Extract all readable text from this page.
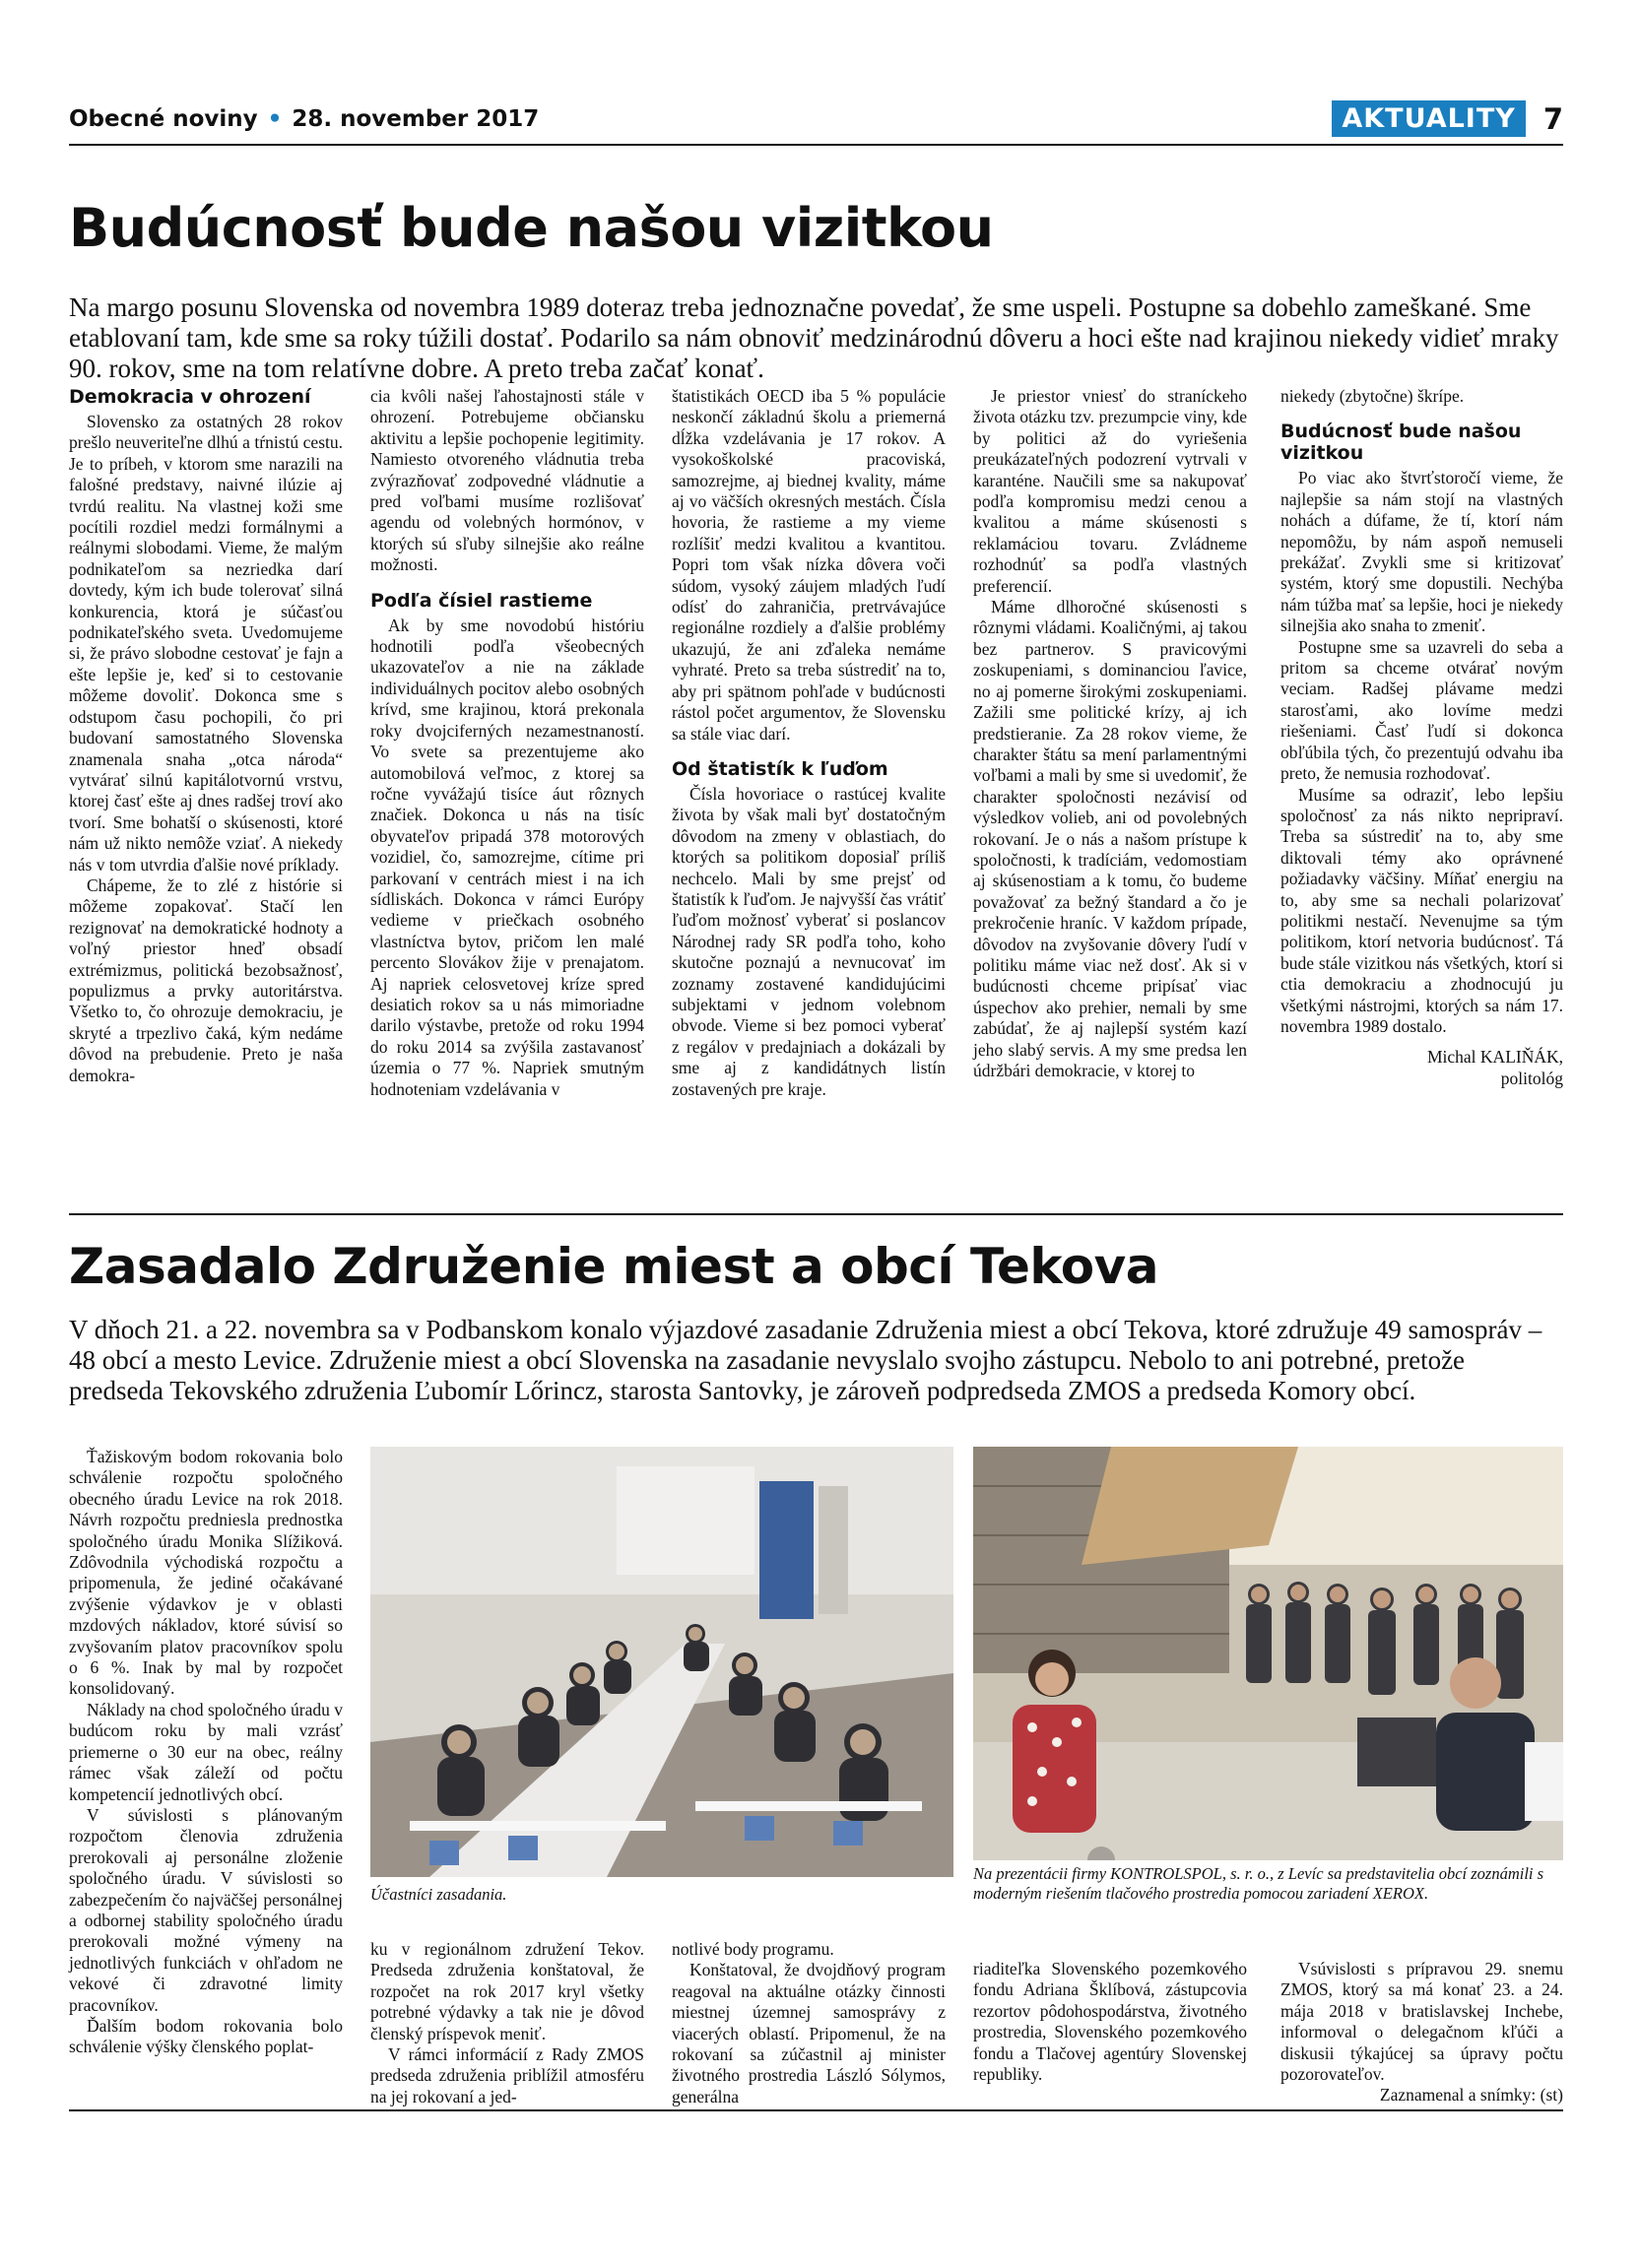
Obecné noviny • 28. november 2017	AKTUALITY 7
Budúcnosť bude našou vizitkou

Na margo posunu Slovenska od novembra 1989 doteraz treba jednoznačne povedať, že sme uspeli. Postupne sa dobehlo zameškané. Sme etablovaní tam, kde sme sa roky túžili dostať. Podarilo sa nám obnoviť medzinárodnú dôveru a hoci ešte nad krajinou niekedy vidieť mraky 90. rokov, sme na tom relatívne dobre. A preto treba začať konať.

Demokracia v ohrození

Slovensko za ostatných 28 rokov prešlo neuveriteľne dlhú a tŕnistú cestu. Je to príbeh, v ktorom sme narazili na falošné predstavy, naivné ilúzie aj tvrdú realitu. Na vlastnej koži sme pocítili rozdiel medzi formálnymi a reálnymi slobodami. Vieme, že malým podnikateľom sa nezriedka darí dovtedy, kým ich bude tolerovať silná konkurencia, ktorá je súčasťou podnikateľského sveta. Uvedomujeme si, že právo slobodne cestovať je fajn a ešte lepšie je, keď si to cestovanie môžeme dovoliť. Dokonca sme s odstupom času pochopili, čo pri budovaní samostatného Slovenska znamenala snaha „otca národa“ vytvárať silnú kapitálotvornú vrstvu, ktorej časť ešte aj dnes radšej troví ako tvorí. Sme bohatší o skúsenosti, ktoré nám už nikto nemôže vziať. A niekedy nás v tom utvrdia ďalšie nové príklady.

Chápeme, že to zlé z histórie si môžeme zopakovať. Stačí len rezignovať na demokratické hodnoty a voľný priestor hneď obsadí extrémizmus, politická bezobsažnosť, populizmus a prvky autoritárstva. Všetko to, čo ohrozuje demokraciu, je skryté a trpezlivo čaká, kým nedáme dôvod na prebudenie. Preto je naša demokra-

cia kvôli našej ľahostajnosti stále v ohrození. Potrebujeme občiansku aktivitu a lepšie pochopenie legitimity. Namiesto otvoreného vládnutia treba zvýrazňovať zodpovedné vládnutie a pred voľbami musíme rozlišovať agendu od volebných hormónov, v ktorých sú sľuby silnejšie ako reálne možnosti.

Podľa čísiel rastieme

Ak by sme novodobú históriu hodnotili podľa všeobecných ukazovateľov a nie na základe individuálnych pocitov alebo osobných krívd, sme krajinou, ktorá prekonala roky dvojciferných nezamestnaností. Vo svete sa prezentujeme ako automobilová veľmoc, z ktorej sa ročne vyvážajú tisíce áut rôznych značiek. Dokonca u nás na tisíc obyvateľov pripadá 378 motorových vozidiel, čo, samozrejme, cítime pri parkovaní v centrách miest i na ich sídliskách. Dokonca v rámci Európy vedieme v priečkach osobného vlastníctva bytov, pričom len malé percento Slovákov žije v prenajatom. Aj napriek celosvetovej kríze spred desiatich rokov sa u nás mimoriadne darilo výstavbe, pretože od roku 1994 do roku 2014 sa zvýšila zastavanosť územia o 77 %. Napriek smutným hodnoteniam vzdelávania v

štatistikách OECD iba 5 % populácie neskončí základnú školu a priemerná dĺžka vzdelávania je 17 rokov. A vysokoškolské pracoviská, samozrejme, aj biednej kvality, máme aj vo väčších okresných mestách. Čísla hovoria, že rastieme a my vieme rozlíšiť medzi kvalitou a kvantitou. Popri tom však nízka dôvera voči súdom, vysoký záujem mladých ľudí odísť do zahraničia, pretrvávajúce regionálne rozdiely a ďalšie problémy ukazujú, že ani zďaleka nemáme vyhraté. Preto sa treba sústrediť na to, aby pri spätnom pohľade v budúcnosti rástol počet argumentov, že Slovensku sa stále viac darí.

Od štatistík k ľuďom

Čísla hovoriace o rastúcej kvalite života by však mali byť dostatočným dôvodom na zmeny v oblastiach, do ktorých sa politikom doposiaľ príliš nechcelo. Mali by sme prejsť od štatistík k ľuďom. Je najvyšší čas vrátiť ľuďom možnosť vyberať si poslancov Národnej rady SR podľa toho, koho skutočne poznajú a nevnucovať im zoznamy zostavené kandidujúcimi subjektami v jednom volebnom obvode. Vieme si bez pomoci vyberať z regálov v predajniach a dokázali by sme aj z kandidátnych listín zostavených pre kraje.

Je priestor vniesť do straníckeho života otázku tzv. prezumpcie viny, kde by politici až do vyriešenia preukázateľných podozrení vytrvali v karanténe. Naučili sme sa nakupovať podľa kompromisu medzi cenou a kvalitou a máme skúsenosti s reklamáciou tovaru. Zvládneme rozhodnúť sa podľa vlastných preferencií.

Máme dlhoročné skúsenosti s rôznymi vládami. Koaličnými, aj takou bez partnerov. S pravicovými zoskupeniami, s dominanciou ľavice, no aj pomerne širokými zoskupeniami. Zažili sme politické krízy, aj ich predstieranie. Za 28 rokov vieme, že charakter štátu sa mení parlamentnými voľbami a mali by sme si uvedomiť, že charakter spoločnosti nezávisí od výsledkov volieb, ani od povolebných rokovaní. Je o nás a našom prístupe k spoločnosti, k tradíciám, vedomostiam aj skúsenostiam a k tomu, čo budeme považovať za bežný štandard a čo je prekročenie hraníc. V každom prípade, dôvodov na zvyšovanie dôvery ľudí v politiku máme viac než dosť. Ak si v budúcnosti chceme pripísať viac úspechov ako prehier, nemali by sme zabúdať, že aj najlepší systém kazí jeho slabý servis. A my sme predsa len údržbári demokracie, v ktorej to

niekedy (zbytočne) škrípe.

Budúcnosť bude našou vizitkou

Po viac ako štvrťstoročí vieme, že najlepšie sa nám stojí na vlastných nohách a dúfame, že tí, ktorí nám nepomôžu, by nám aspoň nemuseli prekážať. Zvykli sme si kritizovať systém, ktorý sme dopustili. Nechýba nám túžba mať sa lepšie, hoci je niekedy silnejšia ako snaha to zmeniť.

Postupne sme sa uzavreli do seba a pritom sa chceme otvárať novým veciam. Radšej plávame medzi starosťami, ako lovíme medzi riešeniami. Časť ľudí si dokonca obľúbila tých, čo prezentujú odvahu iba preto, že nemusia rozhodovať.

Musíme sa odraziť, lebo lepšiu spoločnosť za nás nikto nepripraví. Treba sa sústrediť na to, aby sme diktovali témy ako oprávnené požiadavky väčšiny. Míňať energiu na to, aby sme sa nechali polarizovať politikmi nestačí. Nevenujme sa tým politikom, ktorí netvoria budúcnosť. Tá bude stále vizitkou nás všetkých, ktorí si ctia demokraciu a zhodnocujú ju všetkými nástrojmi, ktorých sa nám 17. novembra 1989 dostalo.

Michal KALIŇÁK,

politológ

Zasadalo Združenie miest a obcí Tekova

V dňoch 21. a 22. novembra sa v Podbanskom konalo výjazdové zasadanie Združenia miest a obcí Tekova, ktoré združuje 49 samospráv – 48 obcí a mesto Levice. Združenie miest a obcí Slovenska na zasadanie nevyslalo svojho zástupcu. Nebolo to ani potrebné, pretože predseda Tekovského združenia Ľubomír Lőrincz, starosta Santovky, je zároveň podpredseda ZMOS a predseda Komory obcí.

Ťažiskovým bodom rokovania bolo schválenie rozpočtu spoločného obecného úradu Levice na rok 2018. Návrh rozpočtu predniesla prednostka spoločného úradu Monika Slížiková. Zdôvodnila východiská rozpočtu a pripomenula, že jediné očakávané zvýšenie výdavkov je v oblasti mzdových nákladov, ktoré súvisí so zvyšovaním platov pracovníkov spolu o 6 %. Inak by mal by rozpočet konsolidovaný.

Náklady na chod spoločného úradu v budúcom roku by mali vzrásť priemerne o 30 eur na obec, reálny rámec však záleží od počtu kompetencií jednotlivých obcí.

V súvislosti s plánovaným rozpočtom členovia združenia prerokovali aj personálne zloženie spoločného úradu. V súvislosti so zabezpečením čo najväčšej personálnej a odbornej stability spoločného úradu prerokovali možné výmeny na jednotlivých funkciách v ohľadom ne vekové či zdravotné limity pracovníkov.

Ďalším bodom rokovania bolo schválenie výšky členského poplat-

Účastníci zasadania.

Na prezentácii firmy KONTROLSPOL, s. r. o., z Levíc sa predstavitelia obcí zoznámili s moderným riešením tlačového prostredia pomocou zariadení XEROX.

ku v regionálnom združení Tekov. Predseda združenia konštatoval, že rozpočet na rok 2017 kryl všetky potrebné výdavky a tak nie je dôvod členský príspevok meniť.

V rámci informácií z Rady ZMOS predseda združenia priblížil atmosféru na jej rokovaní a jed-

notlivé body programu.

Konštatoval, že dvojdňový program reagoval na aktuálne otázky činnosti miestnej územnej samosprávy z viacerých oblastí. Pripomenul, že na rokovaní sa zúčastnil aj minister životného prostredia László Sólymos, generálna

riaditeľka Slovenského pozemkového fondu Adriana Šklíbová, zástupcovia rezortov pôdohospodárstva, životného prostredia, Slovenského pozemkového fondu a Tlačovej agentúry Slovenskej republiky.

Vsúvislosti s prípravou 29. snemu ZMOS, ktorý sa má konať 23. a 24. mája 2018 v bratislavskej Inchebe, informoval o delegačnom kľúči a diskusii týkajúcej sa úpravy počtu pozorovateľov.

Zaznamenal a snímky: (st)
